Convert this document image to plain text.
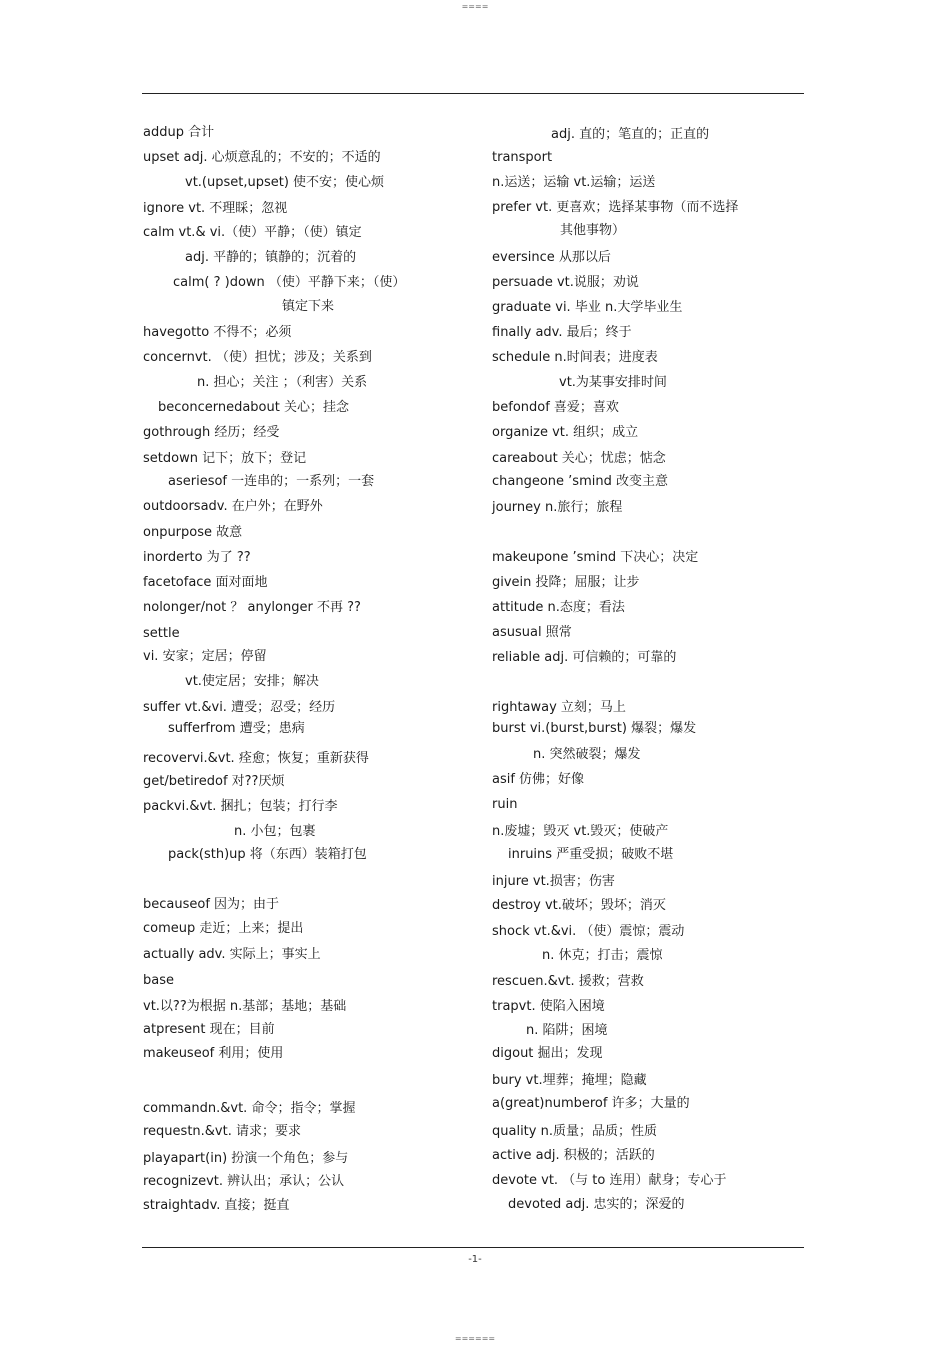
====
addup 合计
upset adj. 心烦意乱的；不安的；不适的
vt.(upset,upset) 使不安；使心烦
ignore vt. 不理睬；忽视
calm vt.& vi.（使）平静；（使）镇定
adj. 平静的；镇静的；沉着的
calm( ? )down （使）平静下来；（使）
镇定下来
havegotto 不得不；必须
concernvt. （使）担忧；涉及；关系到
n. 担心；关注 ；（利害）关系
beconcernedabout 关心；挂念
gothrough 经历；经受
setdown 记下；放下；登记
aseriesof 一连串的；一系列；一套
outdoorsadv. 在户外；在野外
onpurpose 故意
inorderto 为了 ??
facetoface 面对面地
nolonger/not ？ anylonger 不再 ??
settle
vi. 安家；定居；停留
vt.使定居；安排；解决
suffer vt.&vi. 遭受；忍受；经历
sufferfrom 遭受；患病
recovervi.&vt. 痊愈；恢复；重新获得
get/betiredof 对??厌烦
packvi.&vt. 捆扎；包装；打行李
n. 小包；包裹
pack(sth)up 将（东西）装箱打包
becauseof 因为；由于
comeup 走近；上来；提出
actually adv. 实际上；事实上
base
vt.以??为根据 n.基部；基地；基础
atpresent 现在；目前
makeuseof 利用；使用
commandn.&vt. 命令；指令；掌握
requestn.&vt. 请求；要求
playapart(in) 扮演一个角色；参与
recognizevt. 辨认出；承认；公认
straightadv. 直接；挺直
adj. 直的；笔直的；正直的
transport
n.运送；运输 vt.运输；运送
prefer vt. 更喜欢；选择某事物（而不选择
其他事物）
eversince 从那以后
persuade vt.说服；劝说
graduate vi. 毕业 n.大学毕业生
finally adv. 最后；终于
schedule n.时间表；进度表
vt.为某事安排时间
befondof 喜爱；喜欢
organize vt. 组织；成立
careabout 关心；忧虑；惦念
changeone ’smind 改变主意
journey n.旅行；旅程
makeupone ’smind 下决心；决定
givein 投降；屈服；让步
attitude n.态度；看法
asusual 照常
reliable adj. 可信赖的；可靠的
rightaway 立刻；马上
burst vi.(burst,burst) 爆裂；爆发
n. 突然破裂；爆发
asif 仿佛；好像
ruin
n.废墟；毁灭 vt.毁灭；使破产
inruins 严重受损；破败不堪
injure vt.损害；伤害
destroy vt.破坏；毁坏；消灭
shock vt.&vi. （使）震惊；震动
n. 休克；打击；震惊
rescuen.&vt. 援救；营救
trapvt. 使陷入困境
n. 陷阱；困境
digout 掘出；发现
bury vt.埋葬；掩埋；隐藏
a(great)numberof 许多；大量的
quality n.质量；品质；性质
active adj. 积极的；活跃的
devote vt. （与 to 连用）献身；专心于
devoted adj. 忠实的；深爱的
-1-
======
